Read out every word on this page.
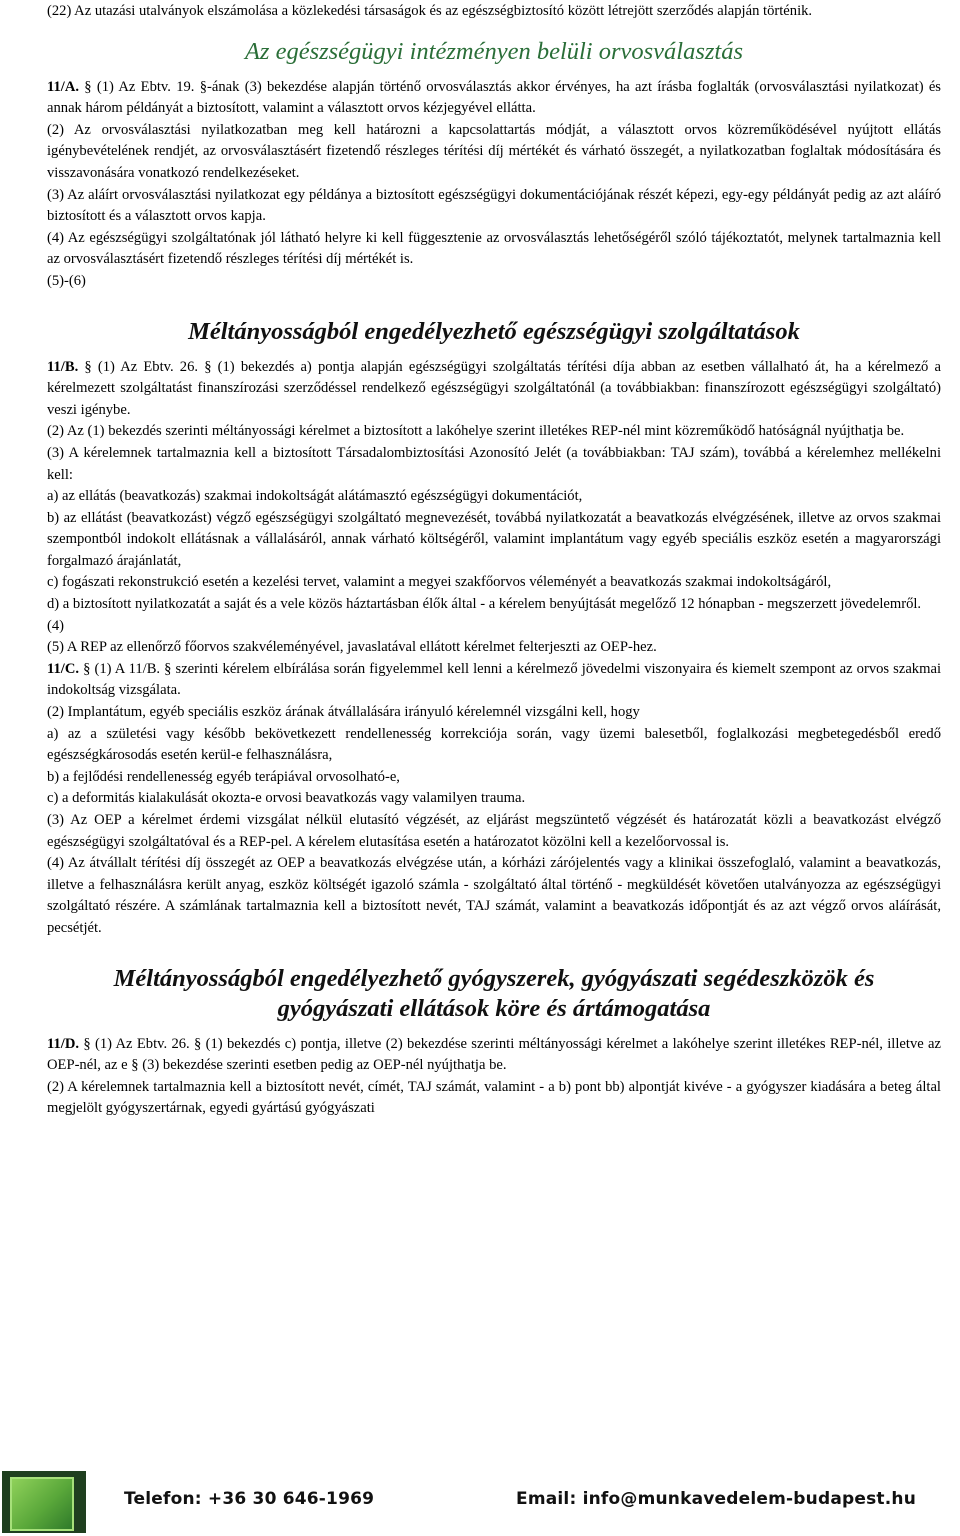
(22) Az utazási utalványok elszámolása a közlekedési társaságok és az egészségbiztosító között létrejött szerződés alapján történik.

Az egészségügyi intézményen belüli orvosválasztás

11/A. § (1) Az Ebtv. 19. §-ának (3) bekezdése alapján történő orvosválasztás akkor érvényes, ha azt írásba foglalták (orvosválasztási nyilatkozat) és annak három példányát a biztosított, valamint a választott orvos kézjegyével ellátta.

(2) Az orvosválasztási nyilatkozatban meg kell határozni a kapcsolattartás módját, a választott orvos közreműködésével nyújtott ellátás igénybevételének rendjét, az orvosválasztásért fizetendő részleges térítési díj mértékét és várható összegét, a nyilatkozatban foglaltak módosítására és visszavonására vonatkozó rendelkezéseket.

(3) Az aláírt orvosválasztási nyilatkozat egy példánya a biztosított egészségügyi dokumentációjának részét képezi, egy-egy példányát pedig az azt aláíró biztosított és a választott orvos kapja.

(4) Az egészségügyi szolgáltatónak jól látható helyre ki kell függesztenie az orvosválasztás lehetőségéről szóló tájékoztatót, melynek tartalmaznia kell az orvosválasztásért fizetendő részleges térítési díj mértékét is.

(5)-(6)

Méltányosságból engedélyezhető egészségügyi szolgáltatások

11/B. § (1) Az Ebtv. 26. § (1) bekezdés a) pontja alapján egészségügyi szolgáltatás térítési díja abban az esetben vállalható át, ha a kérelmező a kérelmezett szolgáltatást finanszírozási szerződéssel rendelkező egészségügyi szolgáltatónál (a továbbiakban: finanszírozott egészségügyi szolgáltató) veszi igénybe.

(2) Az (1) bekezdés szerinti méltányossági kérelmet a biztosított a lakóhelye szerint illetékes REP-nél mint közreműködő hatóságnál nyújthatja be.

(3) A kérelemnek tartalmaznia kell a biztosított Társadalombiztosítási Azonosító Jelét (a továbbiakban: TAJ szám), továbbá a kérelemhez mellékelni kell:

a) az ellátás (beavatkozás) szakmai indokoltságát alátámasztó egészségügyi dokumentációt,

b) az ellátást (beavatkozást) végző egészségügyi szolgáltató megnevezését, továbbá nyilatkozatát a beavatkozás elvégzésének, illetve az orvos szakmai szempontból indokolt ellátásnak a vállalásáról, annak várható költségéről, valamint implantátum vagy egyéb speciális eszköz esetén a magyarországi forgalmazó árajánlatát,

c) fogászati rekonstrukció esetén a kezelési tervet, valamint a megyei szakfőorvos véleményét a beavatkozás szakmai indokoltságáról,

d) a biztosított nyilatkozatát a saját és a vele közös háztartásban élők által - a kérelem benyújtását megelőző 12 hónapban - megszerzett jövedelemről.

(4)

(5) A REP az ellenőrző főorvos szakvéleményével, javaslatával ellátott kérelmet felterjeszti az OEP-hez.

11/C. § (1) A 11/B. § szerinti kérelem elbírálása során figyelemmel kell lenni a kérelmező jövedelmi viszonyaira és kiemelt szempont az orvos szakmai indokoltság vizsgálata.

(2) Implantátum, egyéb speciális eszköz árának átvállalására irányuló kérelemnél vizsgálni kell, hogy

a) az a születési vagy később bekövetkezett rendellenesség korrekciója során, vagy üzemi balesetből, foglalkozási megbetegedésből eredő egészségkárosodás esetén kerül-e felhasználásra,

b) a fejlődési rendellenesség egyéb terápiával orvosolható-e,

c) a deformitás kialakulását okozta-e orvosi beavatkozás vagy valamilyen trauma.

(3) Az OEP a kérelmet érdemi vizsgálat nélkül elutasító végzését, az eljárást megszüntető végzését és határozatát közli a beavatkozást elvégző egészségügyi szolgáltatóval és a REP-pel. A kérelem elutasítása esetén a határozatot közölni kell a kezelőorvossal is.

(4) Az átvállalt térítési díj összegét az OEP a beavatkozás elvégzése után, a kórházi zárójelentés vagy a klinikai összefoglaló, valamint a beavatkozás, illetve a felhasználásra került anyag, eszköz költségét igazoló számla - szolgáltató által történő - megküldését követően utalványozza az egészségügyi szolgáltató részére. A számlának tartalmaznia kell a biztosított nevét, TAJ számát, valamint a beavatkozás időpontját és az azt végző orvos aláírását, pecsétjét.

Méltányosságból engedélyezhető gyógyszerek, gyógyászati segédeszközök és

gyógyászati ellátások köre és ártámogatása

11/D. § (1) Az Ebtv. 26. § (1) bekezdés c) pontja, illetve (2) bekezdése szerinti méltányossági kérelmet a lakóhelye szerint illetékes REP-nél, illetve az OEP-nél, az e § (3) bekezdése szerinti esetben pedig az OEP-nél nyújthatja be.

(2) A kérelemnek tartalmaznia kell a biztosított nevét, címét, TAJ számát, valamint - a b) pont bb) alpontját kivéve - a gyógyszer kiadására a beteg által megjelölt gyógyszertárnak, egyedi gyártású gyógyászati

Telefon: +36 30 646-1969	Email: info@munkavedelem-budapest.hu
